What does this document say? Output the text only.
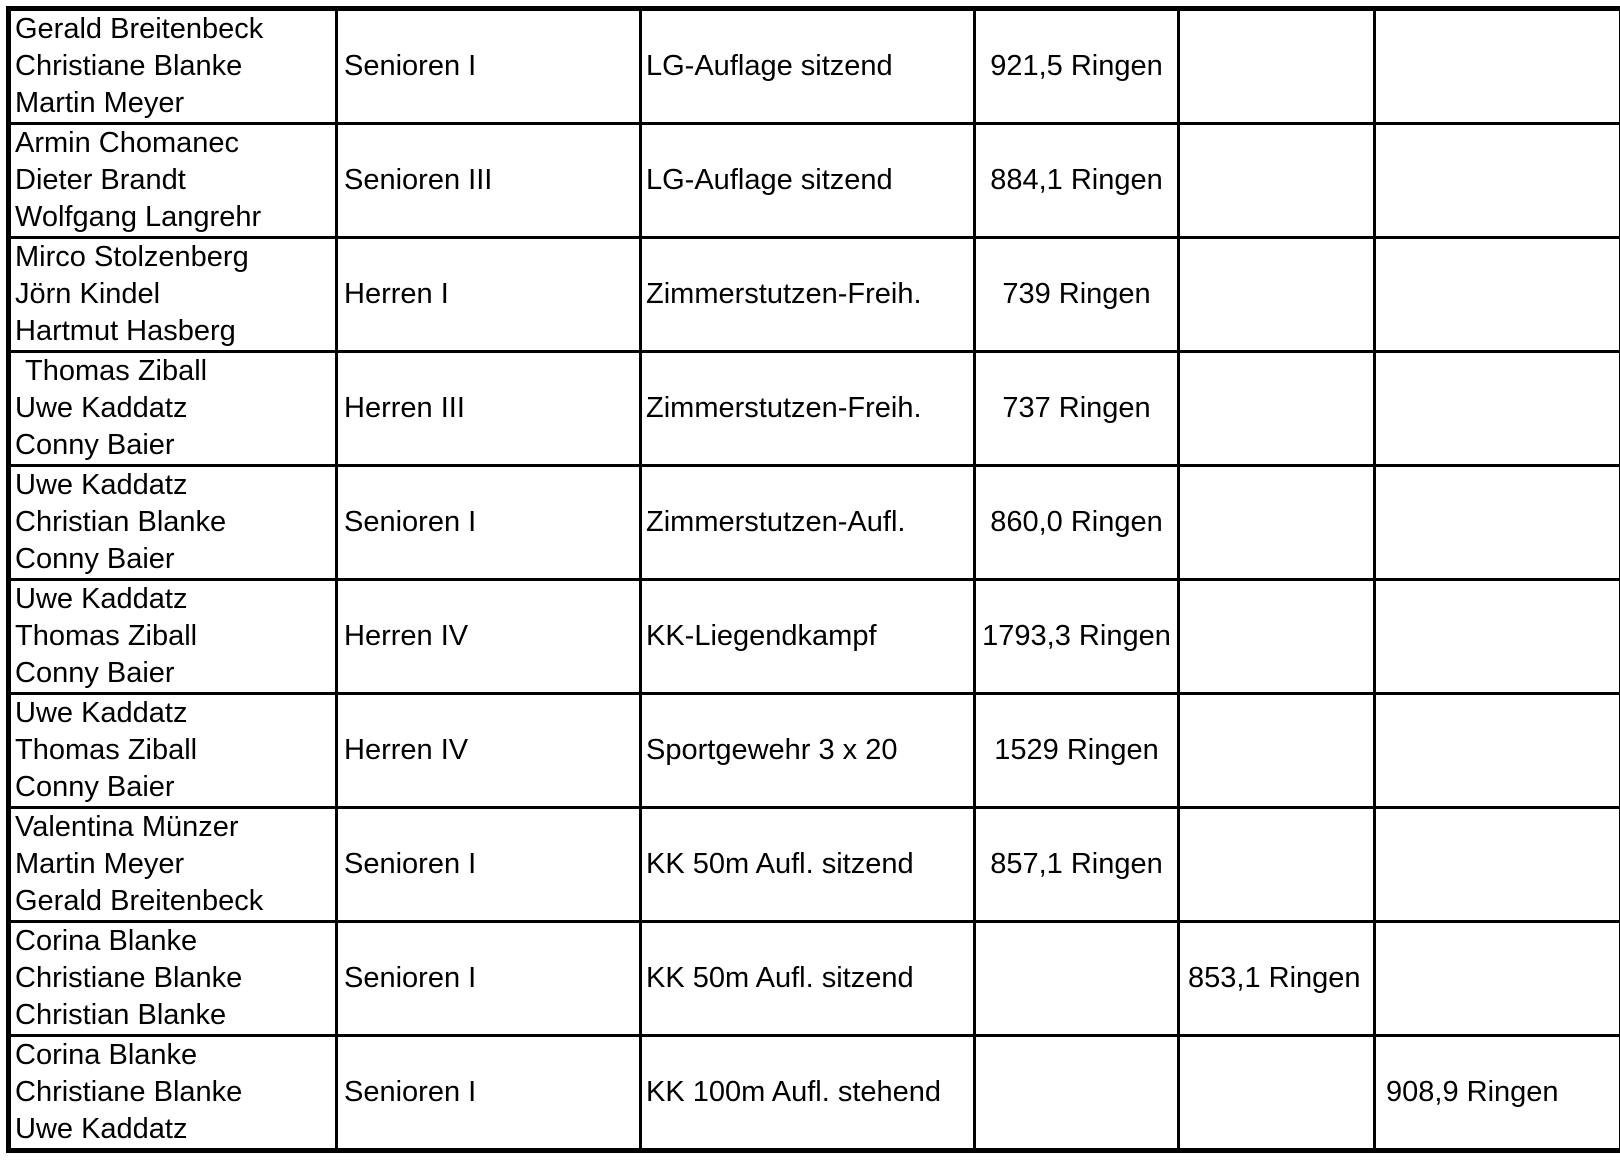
Gerald Breitenbeck
Christiane Blanke
Martin Meyer	Senioren I	LG-Auflage sitzend	921,5 Ringen		

Armin Chomanec
Dieter Brandt
Wolfgang Langrehr	Senioren III	LG-Auflage sitzend	884,1 Ringen		

Mirco Stolzenberg
Jörn Kindel
Hartmut Hasberg	Herren I	Zimmerstutzen-Freih.	739 Ringen		

Thomas Ziball
Uwe Kaddatz
Conny Baier	Herren III	Zimmerstutzen-Freih.	737 Ringen		

Uwe Kaddatz
Christian Blanke
Conny Baier	Senioren I	Zimmerstutzen-Aufl.	860,0 Ringen		

Uwe Kaddatz
Thomas Ziball
Conny Baier	Herren IV	KK-Liegendkampf	1793,3 Ringen		

Uwe Kaddatz
Thomas Ziball
Conny Baier	Herren IV	Sportgewehr 3 x 20	1529 Ringen		

Valentina Münzer
Martin Meyer
Gerald Breitenbeck	Senioren I	KK 50m Aufl. sitzend	857,1 Ringen		

Corina Blanke
Christiane Blanke
Christian Blanke	Senioren I	KK 50m Aufl. sitzend		853,1 Ringen	

Corina Blanke
Christiane Blanke
Uwe Kaddatz	Senioren I	KK 100m Aufl. stehend			908,9 Ringen
